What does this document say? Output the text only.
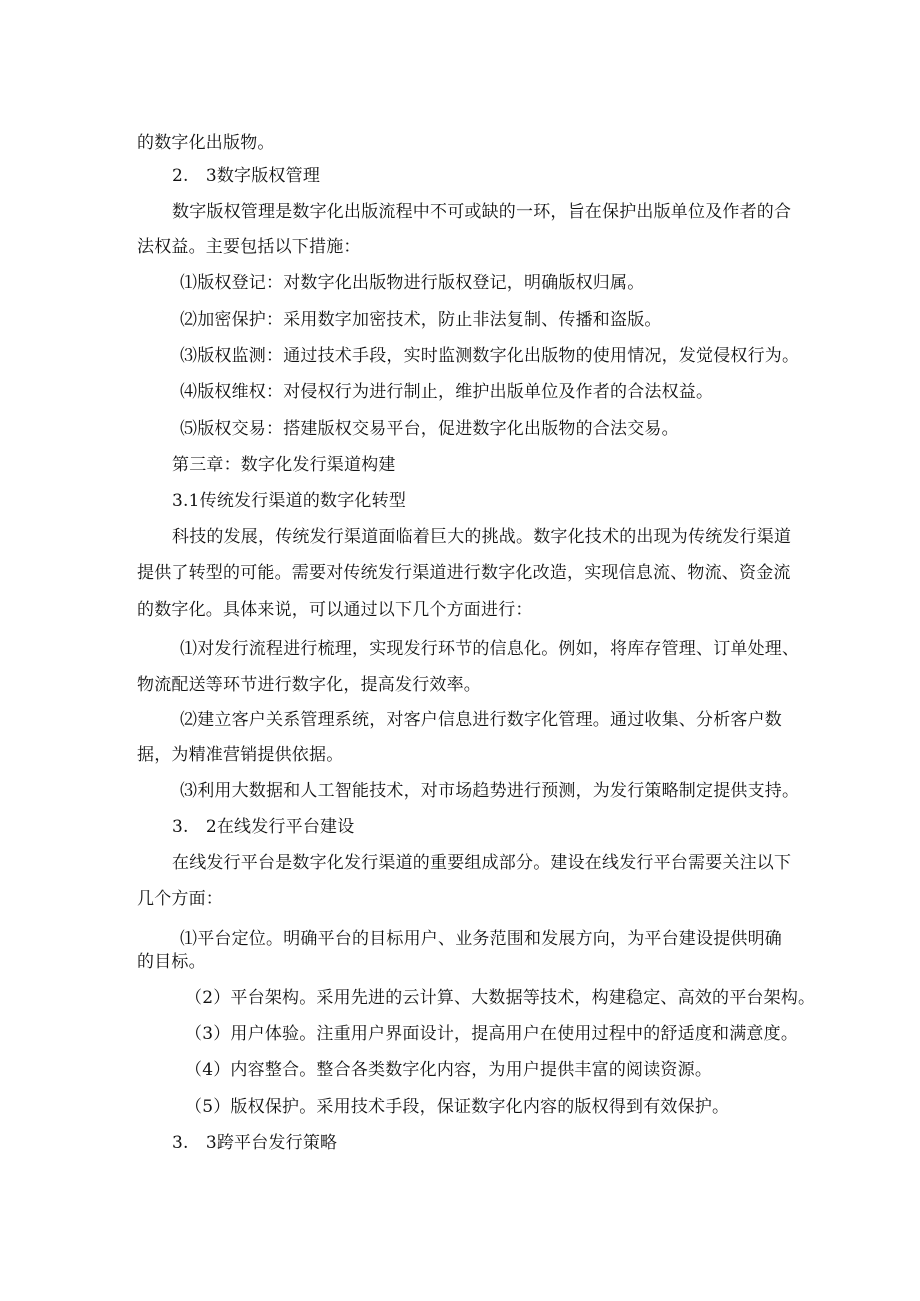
的数字化出版物。
2.　3数字版权管理
数字版权管理是数字化出版流程中不可或缺的一环，旨在保护出版单位及作者的合
法权益。主要包括以下措施：
⑴版权登记：对数字化出版物进行版权登记，明确版权归属。
⑵加密保护：采用数字加密技术，防止非法复制、传播和盗版。
⑶版权监测：通过技术手段，实时监测数字化出版物的使用情况，发觉侵权行为。
⑷版权维权：对侵权行为进行制止，维护出版单位及作者的合法权益。
⑸版权交易：搭建版权交易平台，促进数字化出版物的合法交易。
第三章：数字化发行渠道构建
3.1传统发行渠道的数字化转型
科技的发展，传统发行渠道面临着巨大的挑战。数字化技术的出现为传统发行渠道
提供了转型的可能。需要对传统发行渠道进行数字化改造，实现信息流、物流、资金流
的数字化。具体来说，可以通过以下几个方面进行：
⑴对发行流程进行梳理，实现发行环节的信息化。例如，将库存管理、订单处理、
物流配送等环节进行数字化，提高发行效率。
⑵建立客户关系管理系统，对客户信息进行数字化管理。通过收集、分析客户数
据，为精准营销提供依据。
⑶利用大数据和人工智能技术，对市场趋势进行预测，为发行策略制定提供支持。
3.　2在线发行平台建设
在线发行平台是数字化发行渠道的重要组成部分。建设在线发行平台需要关注以下
几个方面：
⑴平台定位。明确平台的目标用户、业务范围和发展方向，为平台建设提供明确
的目标。
（2）平台架构。采用先进的云计算、大数据等技术，构建稳定、高效的平台架构。
（3）用户体验。注重用户界面设计，提高用户在使用过程中的舒适度和满意度。
（4）内容整合。整合各类数字化内容，为用户提供丰富的阅读资源。
（5）版权保护。采用技术手段，保证数字化内容的版权得到有效保护。
3.　3跨平台发行策略
